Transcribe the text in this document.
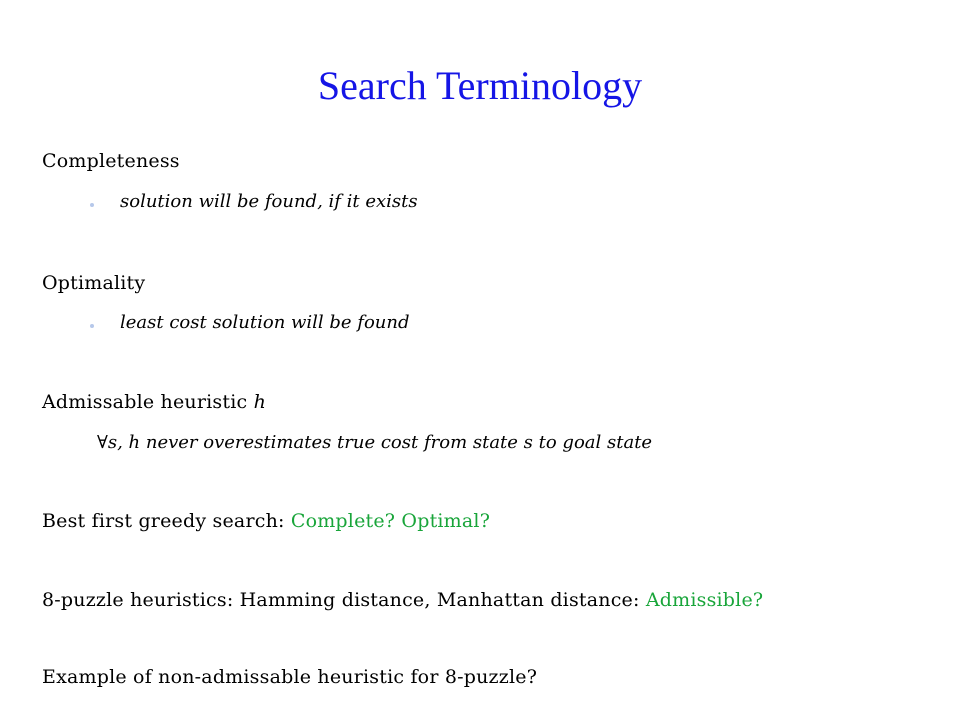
Search Terminology
Completeness
solution will be found, if it exists
Optimality
least cost solution will be found
Admissable heuristic h
∀s, h never overestimates true cost from state s to goal state
Best first greedy search: Complete? Optimal?
8-puzzle heuristics: Hamming distance, Manhattan distance: Admissible?
Example of non-admissable heuristic for 8-puzzle?
